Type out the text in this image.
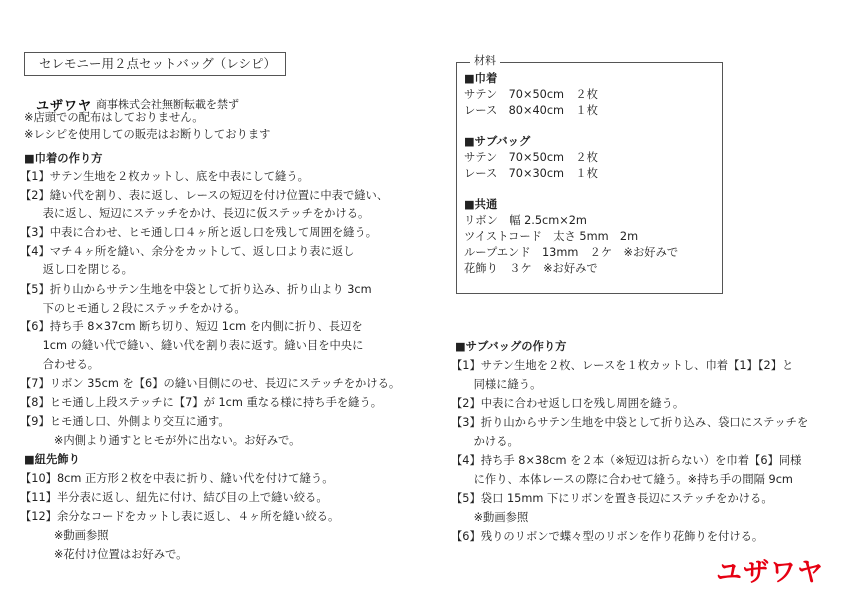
セレモニー用２点セットバッグ（レシピ）
ユザワヤ 商事株式会社無断転載を禁ず
※店頭での配布はしておりません。
※レシピを使用しての販売はお断りしております
■巾着の作り方
【1】サテン生地を２枚カットし、底を中表にして縫う。
【2】縫い代を割り、表に返し、レースの短辺を付け位置に中表で縫い、
　　表に返し、短辺にステッチをかけ、長辺に仮ステッチをかける。
【3】中表に合わせ、ヒモ通し口４ヶ所と返し口を残して周囲を縫う。
【4】マチ４ヶ所を縫い、余分をカットして、返し口より表に返し
　　返し口を閉じる。
【5】折り山からサテン生地を中袋として折り込み、折り山より 3cm
　　下のヒモ通し２段にステッチをかける。
【6】持ち手 8×37cm 断ち切り、短辺 1cm を内側に折り、長辺を
　　1cm の縫い代で縫い、縫い代を割り表に返す。縫い目を中央に
　　合わせる。
【7】リボン 35cm を【6】の縫い目側にのせ、長辺にステッチをかける。
【8】ヒモ通し上段ステッチに【7】が 1cm 重なる様に持ち手を縫う。
【9】ヒモ通し口、外側より交互に通す。
　　　※内側より通すとヒモが外に出ない。お好みで。
■紐先飾り
【10】8cm 正方形２枚を中表に折り、縫い代を付けて縫う。
【11】半分表に返し、紐先に付け、結び目の上で縫い絞る。
【12】余分なコードをカットし表に返し、４ヶ所を縫い絞る。
　　　※動画参照
　　　※花付け位置はお好みで。
材料
■巾着
サテン　70×50cm　２枚
レース　80×40cm　１枚
■サブバッグ
サテン　70×50cm　２枚
レース　70×30cm　１枚
■共通
リボン　幅 2.5cm×2m
ツイストコード　太さ 5mm　2m
ループエンド　13mm　２ケ　※お好みで
花飾り　３ケ　※お好みで
■サブバッグの作り方
【1】サテン生地を２枚、レースを１枚カットし、巾着【1】【2】と
　　同様に縫う。
【2】中表に合わせ返し口を残し周囲を縫う。
【3】折り山からサテン生地を中袋として折り込み、袋口にステッチを
　　かける。
【4】持ち手 8×38cm を２本（※短辺は折らない）を巾着【6】同様
　　に作り、本体レースの際に合わせて縫う。※持ち手の間隔 9cm
【5】袋口 15mm 下にリボンを置き長辺にステッチをかける。
　　※動画参照
【6】残りのリボンで蝶々型のリボンを作り花飾りを付ける。
ユザワヤ
